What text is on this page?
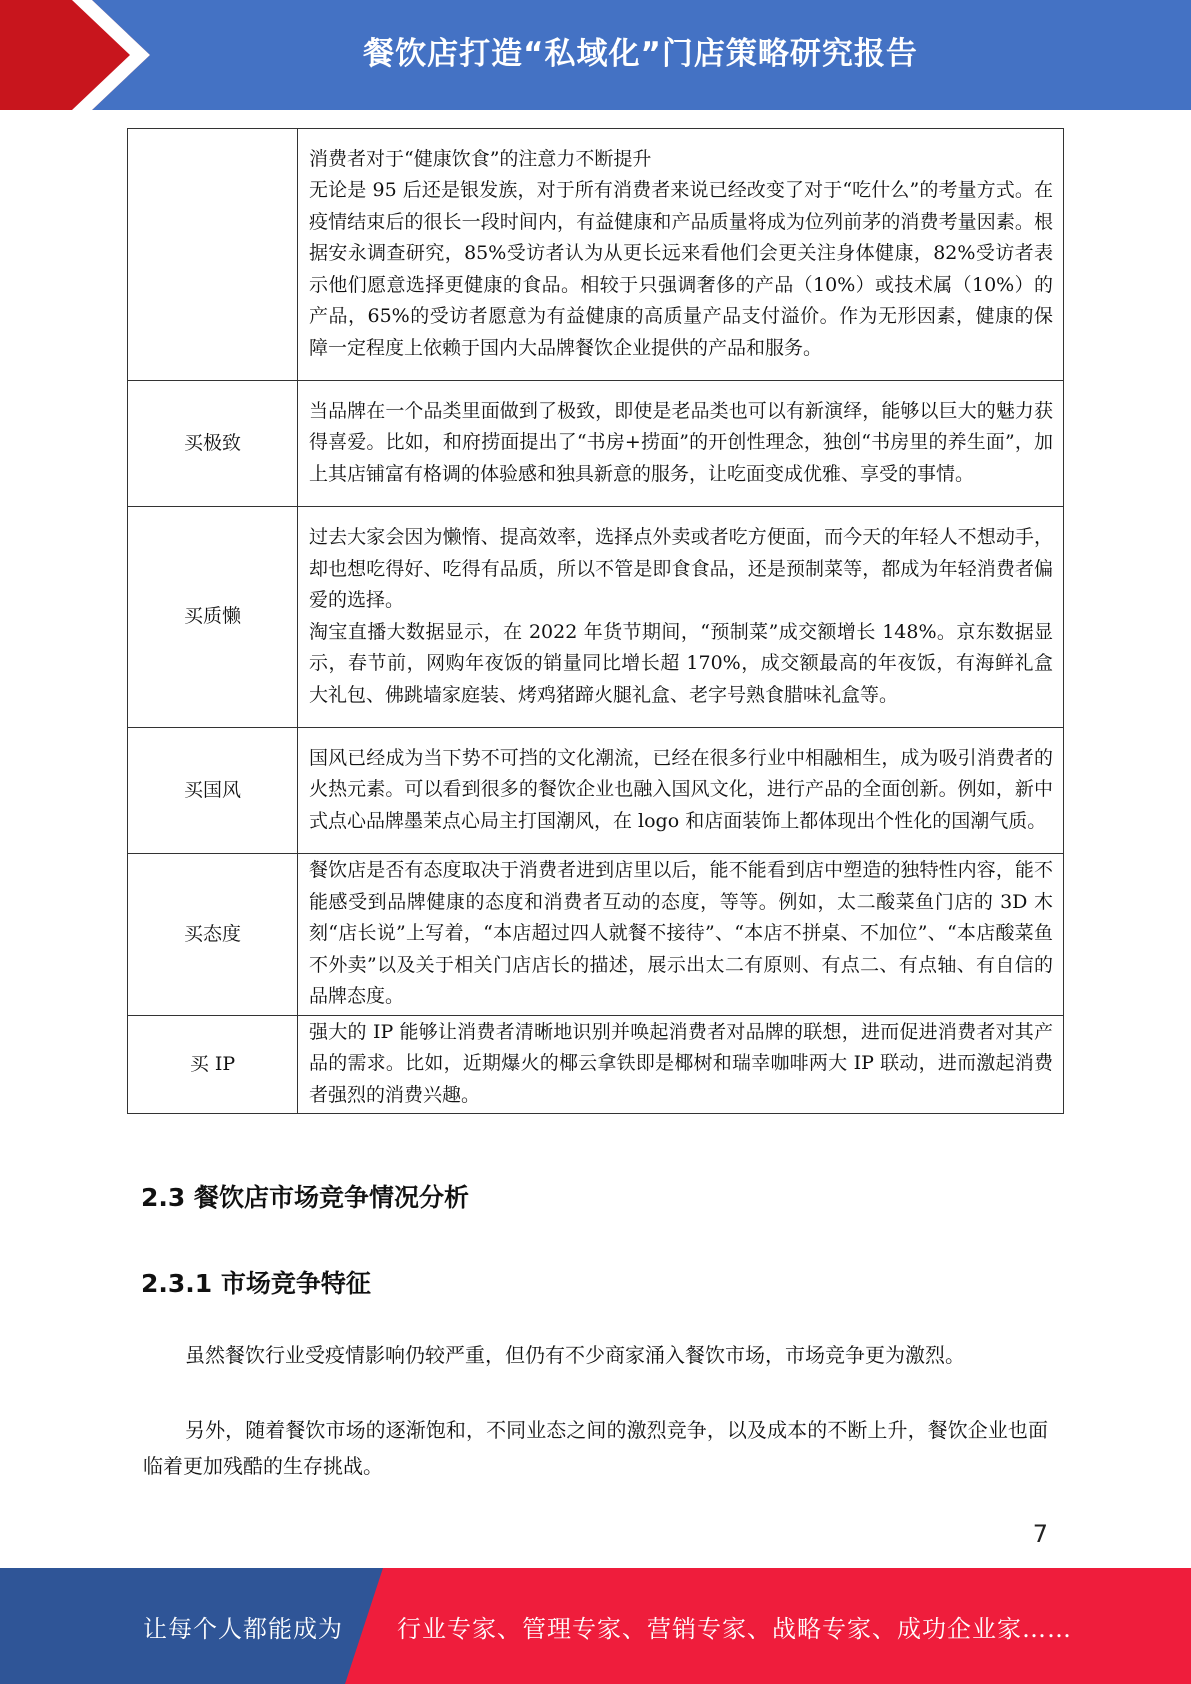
餐饮店打造“私域化”门店策略研究报告

	消费者对于“健康饮食”的注意力不断提升

无论是 95 后还是银发族，对于所有消费者来说已经改变了对于“吃什么”的考量方式。在疫情结束后的很长一段时间内，有益健康和产品质量将成为位列前茅的消费考量因素。根据安永调查研究，85%受访者认为从更长远来看他们会更关注身体健康，82%受访者表示他们愿意选择更健康的食品。相较于只强调奢侈的产品（10%）或技术属（10%）的产品，65%的受访者愿意为有益健康的高质量产品支付溢价。作为无形因素，健康的保障一定程度上依赖于国内大品牌餐饮企业提供的产品和服务。

买极致	当品牌在一个品类里面做到了极致，即使是老品类也可以有新演绎，能够以巨大的魅力获得喜爱。比如，和府捞面提出了“书房+捞面”的开创性理念，独创“书房里的养生面”，加上其店铺富有格调的体验感和独具新意的服务，让吃面变成优雅、享受的事情。

买质懒	过去大家会因为懒惰、提高效率，选择点外卖或者吃方便面，而今天的年轻人不想动手，却也想吃得好、吃得有品质，所以不管是即食食品，还是预制菜等，都成为年轻消费者偏爱的选择。

淘宝直播大数据显示，在 2022 年货节期间，“预制菜”成交额增长 148%。京东数据显示，春节前，网购年夜饭的销量同比增长超 170%，成交额最高的年夜饭，有海鲜礼盒大礼包、佛跳墙家庭装、烤鸡猪蹄火腿礼盒、老字号熟食腊味礼盒等。

买国风	国风已经成为当下势不可挡的文化潮流，已经在很多行业中相融相生，成为吸引消费者的火热元素。可以看到很多的餐饮企业也融入国风文化，进行产品的全面创新。例如，新中式点心品牌墨茉点心局主打国潮风，在 logo 和店面装饰上都体现出个性化的国潮气质。

买态度	餐饮店是否有态度取决于消费者进到店里以后，能不能看到店中塑造的独特性内容，能不能感受到品牌健康的态度和消费者互动的态度，等等。例如，太二酸菜鱼门店的 3D 木刻“店长说”上写着，“本店超过四人就餐不接待”、“本店不拼桌、不加位”、“本店酸菜鱼不外卖”以及关于相关门店店长的描述，展示出太二有原则、有点二、有点轴、有自信的品牌态度。

买 IP	强大的 IP 能够让消费者清晰地识别并唤起消费者对品牌的联想，进而促进消费者对其产品的需求。比如，近期爆火的椰云拿铁即是椰树和瑞幸咖啡两大 IP 联动，进而激起消费者强烈的消费兴趣。

2.3 餐饮店市场竞争情况分析
2.3.1 市场竞争特征

虽然餐饮行业受疫情影响仍较严重，但仍有不少商家涌入餐饮市场，市场竞争更为激烈。

另外，随着餐饮市场的逐渐饱和，不同业态之间的激烈竞争，以及成本的不断上升，餐饮企业也面临着更加残酷的生存挑战。

7
让每个人都能成为 行业专家、管理专家、营销专家、战略专家、成功企业家……
